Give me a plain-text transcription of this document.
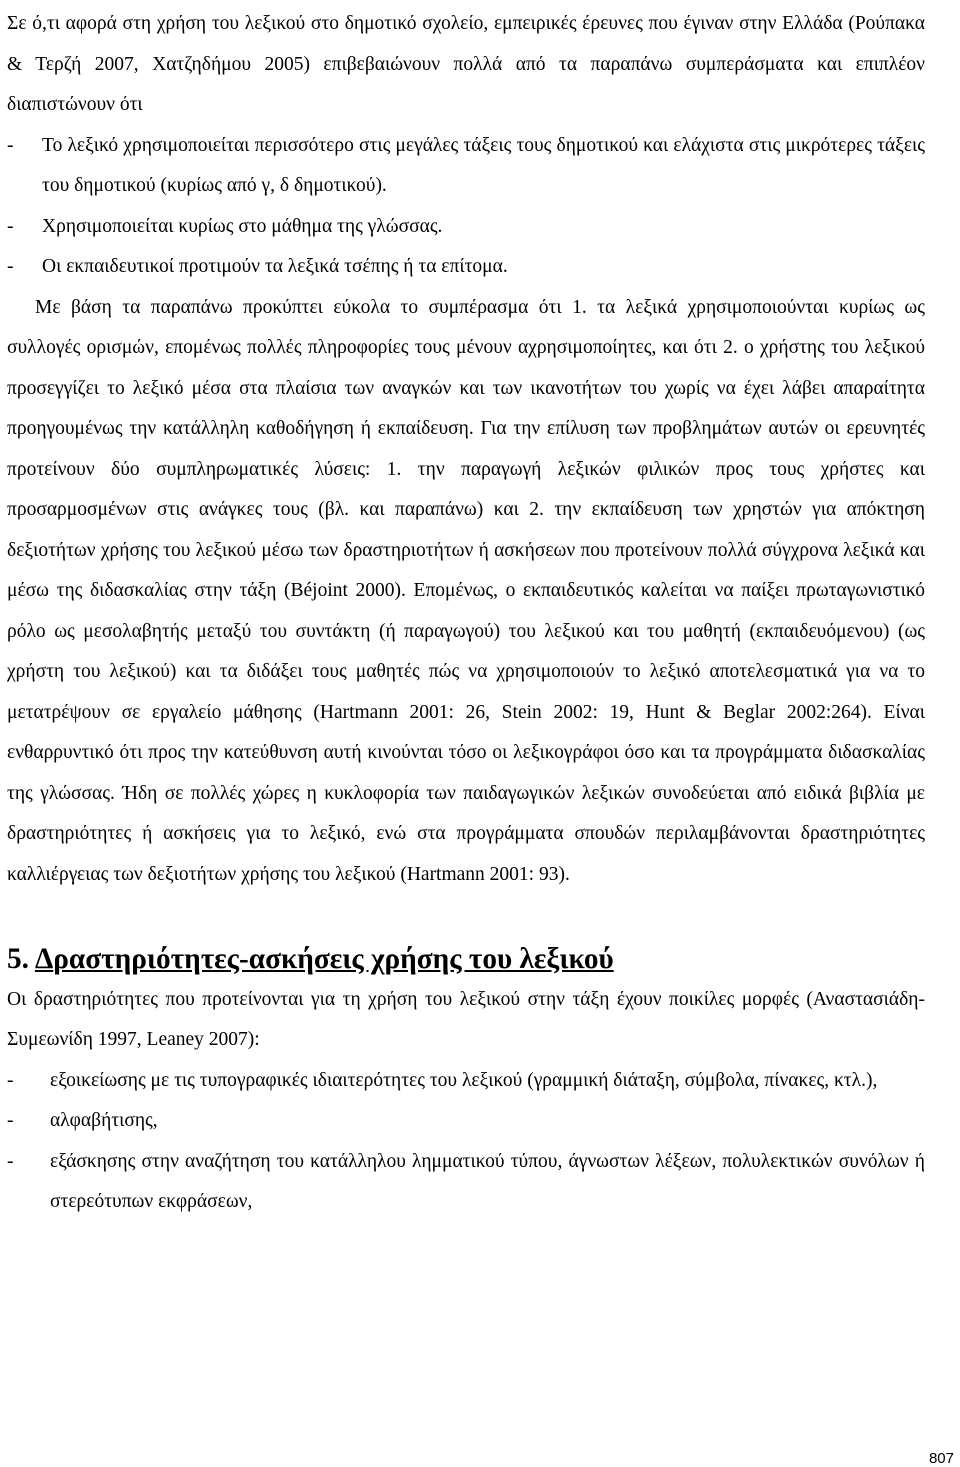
Σε ό,τι αφορά στη χρήση του λεξικού στο δημοτικό σχολείο, εμπειρικές έρευνες που έγιναν στην Ελλάδα (Ρούπακα & Τερζή 2007, Χατζηδήμου 2005) επιβεβαιώνουν πολλά από τα παραπάνω συμπεράσματα και επιπλέον διαπιστώνουν ότι

- Το λεξικό χρησιμοποιείται περισσότερο στις μεγάλες τάξεις τους δημοτικού και ελάχιστα στις μικρότερες τάξεις του δημοτικού (κυρίως από γ, δ δημοτικού).
- Χρησιμοποιείται κυρίως στο μάθημα της γλώσσας.
- Οι εκπαιδευτικοί προτιμούν τα λεξικά τσέπης ή τα επίτομα.

Με βάση τα παραπάνω προκύπτει εύκολα το συμπέρασμα ότι 1. τα λεξικά χρησιμοποιούνται κυρίως ως συλλογές ορισμών, επομένως πολλές πληροφορίες τους μένουν αχρησιμοποίητες, και ότι 2. ο χρήστης του λεξικού προσεγγίζει το λεξικό μέσα στα πλαίσια των αναγκών και των ικανοτήτων του χωρίς να έχει λάβει απαραίτητα προηγουμένως την κατάλληλη καθοδήγηση ή εκπαίδευση. Για την επίλυση των προβλημάτων αυτών οι ερευνητές προτείνουν δύο συμπληρωματικές λύσεις: 1. την παραγωγή λεξικών φιλικών προς τους χρήστες και προσαρμοσμένων στις ανάγκες τους (βλ. και παραπάνω) και 2. την εκπαίδευση των χρηστών για απόκτηση δεξιοτήτων χρήσης του λεξικού μέσω των δραστηριοτήτων ή ασκήσεων που προτείνουν πολλά σύγχρονα λεξικά και μέσω της διδασκαλίας στην τάξη (Béjoint 2000). Επομένως, ο εκπαιδευτικός καλείται να παίξει πρωταγωνιστικό ρόλο ως μεσολαβητής μεταξύ του συντάκτη (ή παραγωγού) του λεξικού και του μαθητή (εκπαιδευόμενου) (ως χρήστη του λεξικού) και τα διδάξει τους μαθητές πώς να χρησιμοποιούν το λεξικό αποτελεσματικά για να το μετατρέψουν σε εργαλείο μάθησης (Hartmann 2001: 26, Stein 2002: 19, Hunt & Beglar 2002:264). Είναι ενθαρρυντικό ότι προς την κατεύθυνση αυτή κινούνται τόσο οι λεξικογράφοι όσο και τα προγράμματα διδασκαλίας της γλώσσας. Ήδη σε πολλές χώρες η κυκλοφορία των παιδαγωγικών λεξικών συνοδεύεται από ειδικά βιβλία με δραστηριότητες ή ασκήσεις για το λεξικό, ενώ στα προγράμματα σπουδών περιλαμβάνονται δραστηριότητες καλλιέργειας των δεξιοτήτων χρήσης του λεξικού (Hartmann 2001: 93).

5. Δραστηριότητες-ασκήσεις χρήσης του λεξικού

Οι δραστηριότητες που προτείνονται για τη χρήση του λεξικού στην τάξη έχουν ποικίλες μορφές (Αναστασιάδη-Συμεωνίδη 1997, Leaney 2007):

- εξοικείωσης με τις τυπογραφικές ιδιαιτερότητες του λεξικού (γραμμική διάταξη, σύμβολα, πίνακες, κτλ.),
- αλφαβήτισης,
- εξάσκησης στην αναζήτηση του κατάλληλου λημματικού τύπου, άγνωστων λέξεων, πολυλεκτικών συνόλων ή στερεότυπων εκφράσεων,
807
